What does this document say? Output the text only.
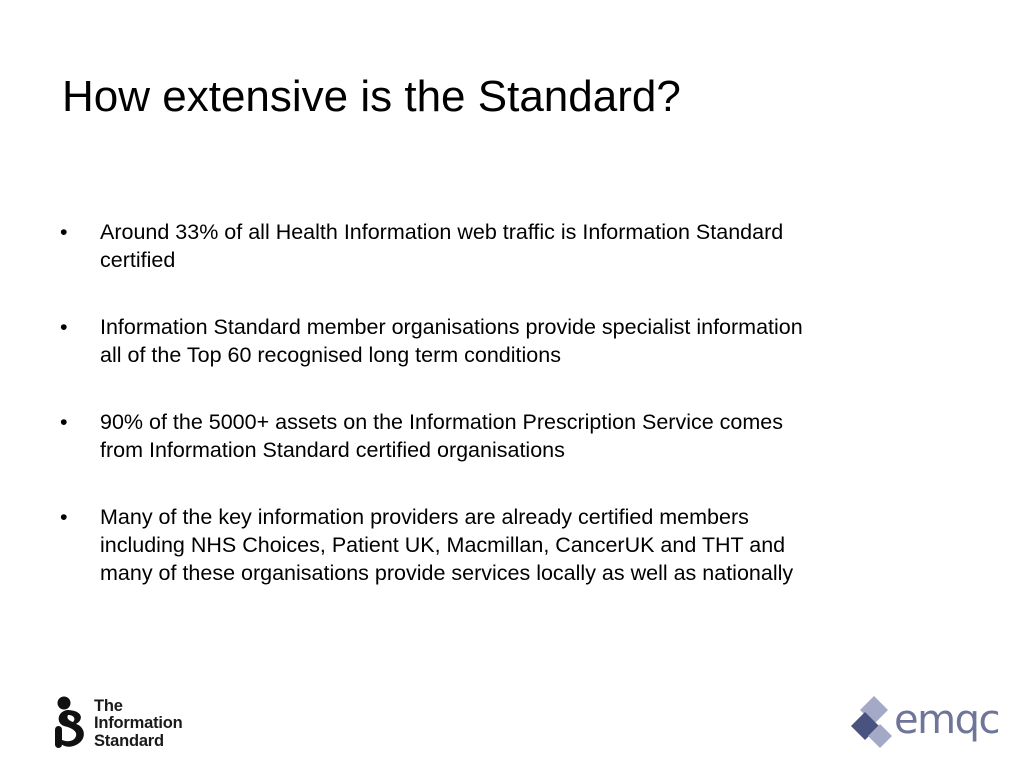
How extensive is the Standard?
•	Around 33% of all Health Information web traffic is Information Standard
certified
•	Information Standard member organisations provide specialist information
all of the Top 60 recognised long term conditions
•	90% of the 5000+ assets on the Information Prescription Service comes
from Information Standard certified organisations
•	Many of the key information providers are already certified members
including NHS Choices, Patient UK, Macmillan, CancerUK and THT and
many of these organisations provide services locally as well as nationally
The
Information
Standard	emqc
